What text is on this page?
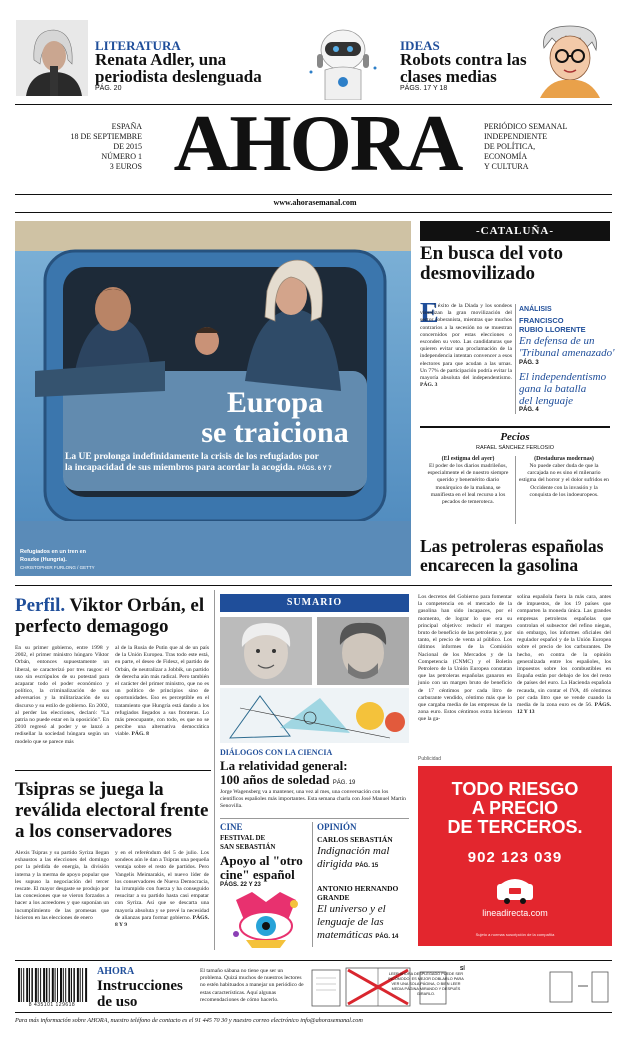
LITERATURA
Renata Adler, una
periodista deslenguada
PÁG. 20
IDEAS
Robots contra las
clases medias
PÁGS. 17 Y 18
ESPAÑA
18 DE SEPTIEMBRE DE 2015
NÚMERO 1
3 EUROS AHORA	PERIÓDICO SEMANAL
INDEPENDIENTE
DE POLÍTICA,
ECONOMÍA
Y CULTURA
www.ahorasemanal.com
Europa
se traiciona
La UE prolonga indefinidamente la crisis de los refugiados por
la incapacidad de sus miembros para acordar la acogida. PÁGS. 6 Y 7
Refugiados en un tren en
Roszke (Hungría).
CHRISTOPHER FURLONG / GETTY
-CATALUÑA-
En busca del voto
desmovilizado
E
l éxito de la Diada y los sondeos visualizan la gran movilización del sector soberanista, mientras que muchos contrarios a la secesión no se muestran concernidos por estas elecciones o esconden su voto. Las candidaturas que quieren evitar una proclamación de la independencia intentan convencer a esos electores para que acudan a las urnas. Un 77% de participación podría evitar la mayoría absoluta del independentismo. PÁG. 3
ANÁLISIS
FRANCISCO
RUBIO LLORENTE
En defensa de un
'Tribunal amenazado'
PÁG. 3
El independentismo
gana la batalla
del lenguaje
PÁG. 4
Pecios
RAFAEL SÁNCHEZ FERLOSIO
(El estigma del ayer)
El poder de los diarios madrileños, especialmente el de nuestro siempre querido y benemérito diario monárquico de la mañana, se manifiesta en el leal recurso a los pecados de temeroteca.
(Destaduras modernas)
No puede caber duda de que la carcajada no es sino el milenario estigma del horror y el dolor sufridos en Occidente con la invasión y la conquista de los indoeuropeos.
Las petroleras españolas
encarecen la gasolina
Perfil. Viktor Orbán, el
perfecto demagogo
En su primer gobierno, entre 1998 y 2002, el primer ministro húngaro Viktor Orbán, entonces supuestamente un liberal, se caracterizó por tres rasgos: el uso sin escrúpulos de su potestad para acaparar todo el poder económico y político, la criminalización de sus adversarios y la militarización de su discurso y su estilo de gobierno. En 2002, al perder las elecciones, declaró: "La patria no puede estar en la oposición". En 2010 regresó al poder y se lanzó a redisellar la sociedad húngara según un modelo que se parece más
al de la Rusia de Putin que al de un país de la Unión Europea. Tras todo este está, en parte, el deseo de Fidesz, el partido de Orbán, de neutralizar a Jobbik, un partido de derecha aún más radical. Pero también el carácter del primer ministro, que no es un político de principios sino de oportunidades. Eso es perceptible en el tratamiento que Hungría está dando a los refugiados llegados a sus fronteras. Lo más preocupante, con todo, es que no se percibe una alternativa democrática viable. PÁG. 8
Tsipras se juega la
reválida electoral frente
a los conservadores
Alexis Tsipras y su partido Syriza llegan exhaustos a las elecciones del domingo por la pérdida de energía, la división interna y la merma de apoyo popular que les supuso la negociación del tercer rescate. El mayor desgaste se produjo por las concesiones que se vieron forzados a hacer a los acreedores y que suponían un incumplimiento de las promesas que hicieron en las elecciones de enero
y en el referéndum del 5 de julio. Los sondeos aún le dan a Tsipras una pequeña ventaja sobre el resto de partidos. Pero Vangelis Meimarakis, el nuevo líder de los conservadores de Nueva Democracia, ha irrumpido con fuerza y ha conseguido resucitar a su partido hasta casi empatar con Syriza. Así que se descarta una mayoría absoluta y se prevé la necesidad de alianzas para formar gobierno. PÁGS. 8 Y 9
SUMARIO
DIÁLOGOS CON LA CIENCIA
La relatividad general:
100 años de soledad PÁG. 19
Jorge Wagensberg va a mantener, una vez al mes, una conversación con los científicos españoles más importantes. Esta semana charla con José Manuel Martín Senovilla.
CINE
FESTIVAL DE
SAN SEBASTIÁN
Apoyo al "otro
cine" español
PÁGS. 22 Y 23
OPINIÓN
CARLOS SEBASTIÁN
Indignación mal
dirigida PÁG. 15
ANTONIO HERNANDO
GRANDE
El universo y el
lenguaje de las
matemáticas PÁG. 14
Los decretos del Gobierno para fomentar la competencia en el mercado de la gasolina han sido incapaces, por el momento, de lograr lo que era su principal objetivo: reducir el margen bruto de beneficio de las petroleras y, por tanto, el precio de venta al público. Los últimos informes de la Comisión Nacional de los Mercados y de la Competencia (CNMC) y el Boletín Petrolero de la Unión Europea constatan que las petroleras españolas ganaron en junio con un margen bruto de beneficio de 17 céntimos por cada litro de carburante vendido, céntimo más que lo que cargaba media de las empresas de la zona euro. Estos céntimos extra hicieron que la ga-
solina española fuera la más cara, antes de impuestos, de los 19 países que comparten la moneda única. Las grandes empresas petroleras españolas que controlan el subsector del refino niegan, sin embargo, los informes oficiales del regulador español y de la Unión Europea sobre el precio de los carburantes. De hecho, en contra de la opinión generalizada entre los españoles, los impuestos sobre los combustibles en España están por debajo de los del resto de países del euro. La Hacienda española recauda, sin contar el IVA, 46 céntimos por cada litro que se vende cuando la media de la zona euro es de 56. PÁGS. 12 Y 13
Publicidad
TODO RIESGO
A PRECIO
DE TERCEROS.
902 123 039
lineadirecta.com
Sujeto a normas suscripción de la compañía
8 435101 129618
AHORA
Instrucciones
de uso
El tamaño sábana no tiene que ser un problema. Quizá muchos de nuestros lectores no estén habituados a manejar un periódico de estas características. Aquí algunas recomendaciones de cómo hacerlo.
SÍ
LEER AHORA DESPLEGADO PUEDE SER INCÓMODO. ES MEJOR DOBLARLO PARA VER UNA SOLA PÁGINA, O BIEN LEER MEDIA PÁGINA MIRANDO Y DESPUÉS GIRARLO.
Para más información sobre AHORA, nuestro teléfono de contacto es el 91 445 70 30 y nuestro correo electrónico info@ahorasemanal.com
